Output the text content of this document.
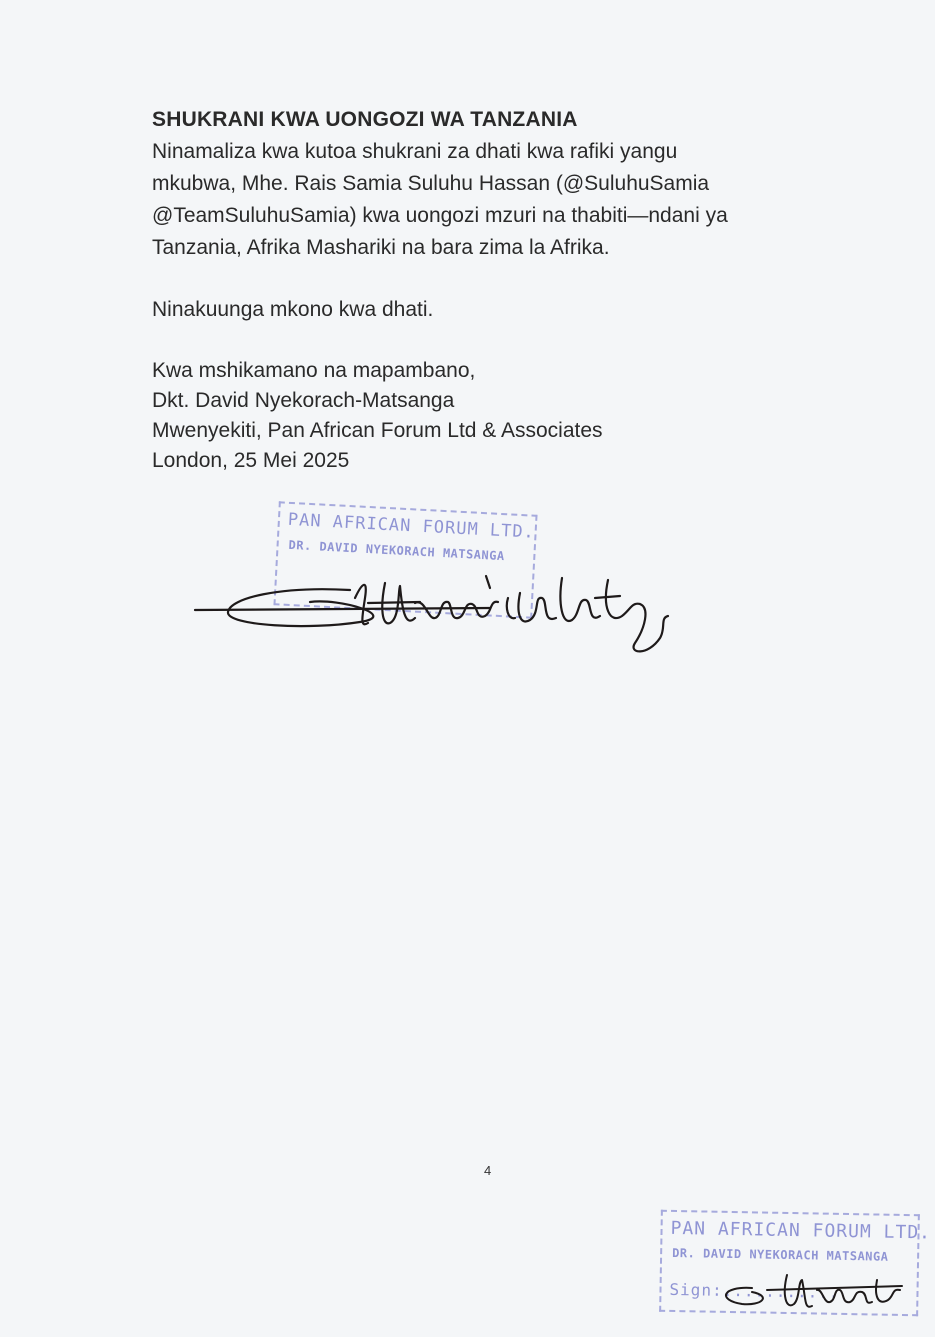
SHUKRANI KWA UONGOZI WA TANZANIA

Ninamaliza kwa kutoa shukrani za dhati kwa rafiki yangu
mkubwa, Mhe. Rais Samia Suluhu Hassan (@SuluhuSamia
@TeamSuluhuSamia) kwa uongozi mzuri na thabiti—ndani ya
Tanzania, Afrika Mashariki na bara zima la Afrika.

Ninakuunga mkono kwa dhati.

Kwa mshikamano na mapambano,
Dkt. David Nyekorach-Matsanga
Mwenyekiti, Pan African Forum Ltd & Associates
London, 25 Mei 2025
PAN AFRICAN FORUM LTD.
DR. DAVID NYEKORACH MATSANGA
4
PAN AFRICAN FORUM LTD.
DR. DAVID NYEKORACH MATSANGA
Sign:...........
